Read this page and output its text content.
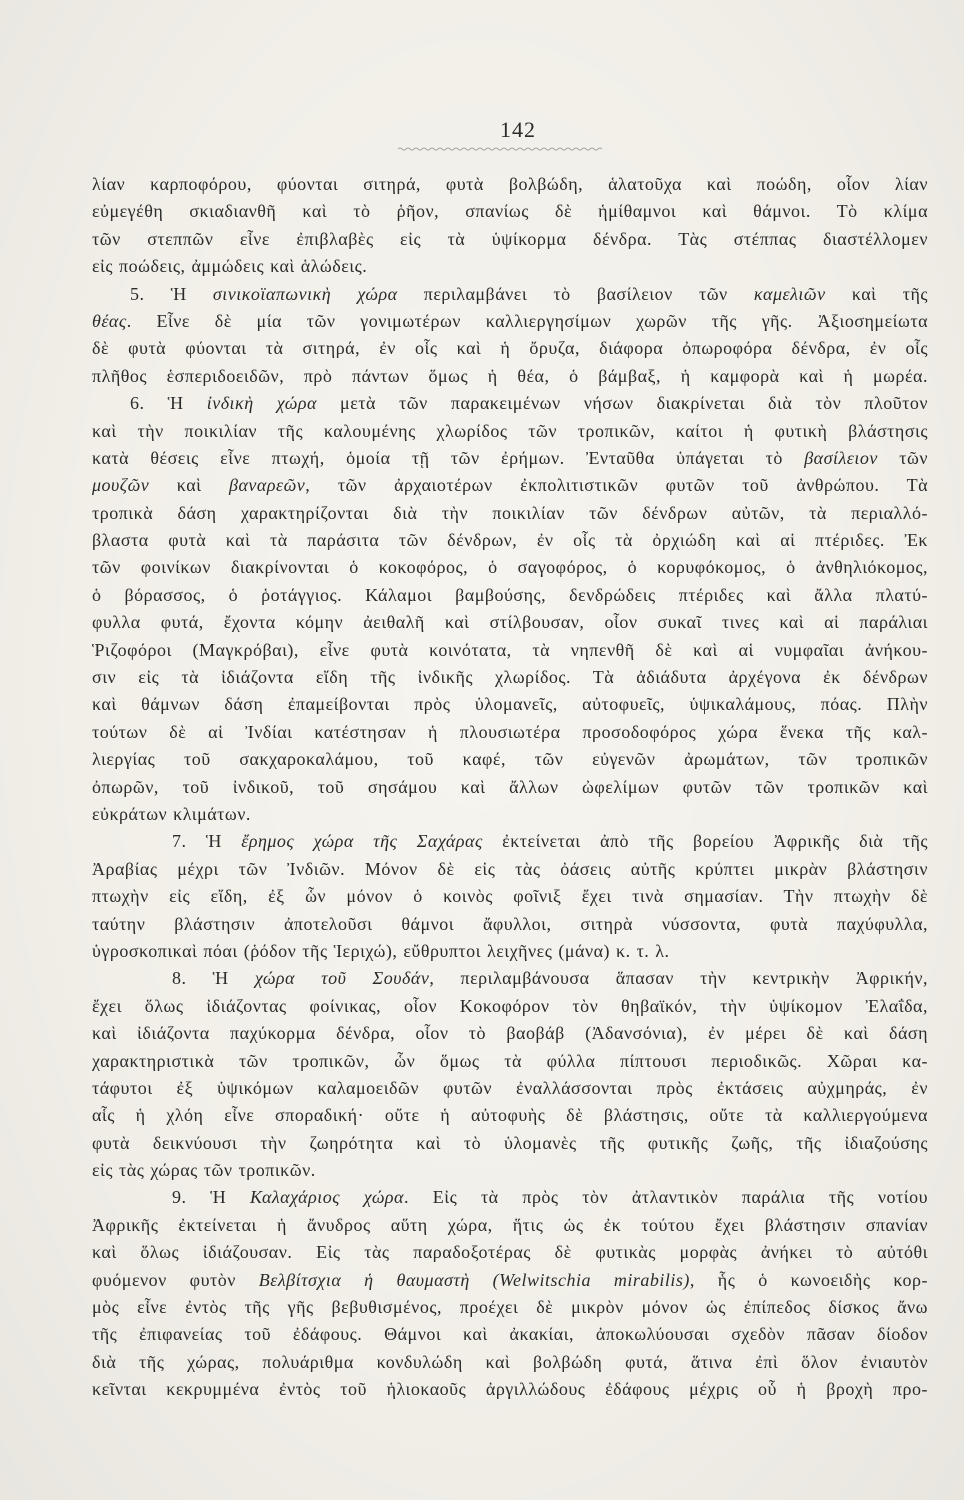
142
λίαν καρποφόρου, φύονται σιτηρά, φυτὰ βολβώδη, ἁλατοῦχα καὶ ποώδη, οἷον λίαν
εὐμεγέθη σκιαδιανθῆ καὶ τὸ ῥῆον, σπανίως δὲ ἡμίθαμνοι καὶ θάμνοι. Τὸ κλίμα
τῶν στεππῶν εἶνε ἐπιβλαβὲς εἰς τὰ ὑψίκορμα δένδρα. Τὰς στέππας διαστέλλομεν
εἰς ποώδεις, ἀμμώδεις καὶ ἁλώδεις.
5. Ἡ σινικοϊαπωνικὴ χώρα περιλαμβάνει τὸ βασίλειον τῶν καμελιῶν καὶ τῆς
θέας. Εἶνε δὲ μία τῶν γονιμωτέρων καλλιεργησίμων χωρῶν τῆς γῆς. Ἀξιοσημείωτα
δὲ φυτὰ φύονται τὰ σιτηρά, ἐν οἷς καὶ ἡ ὄρυζα, διάφορα ὀπωροφόρα δένδρα, ἐν οἷς
πλῆθος ἑσπεριδοειδῶν, πρὸ πάντων ὅμως ἡ θέα, ὁ βάμβαξ, ἡ καμφορὰ καὶ ἡ μωρέα.
6. Ἡ ἰνδικὴ χώρα μετὰ τῶν παρακειμένων νήσων διακρίνεται διὰ τὸν πλοῦτον
καὶ τὴν ποικιλίαν τῆς καλουμένης χλωρίδος τῶν τροπικῶν, καίτοι ἡ φυτικὴ βλάστησις
κατὰ θέσεις εἶνε πτωχή, ὁμοία τῇ τῶν ἐρήμων. Ἐνταῦθα ὑπάγεται τὸ βασίλειον τῶν
μουζῶν καὶ βαναρεῶν, τῶν ἀρχαιοτέρων ἐκπολιτιστικῶν φυτῶν τοῦ ἀνθρώπου. Τὰ
τροπικὰ δάση χαρακτηρίζονται διὰ τὴν ποικιλίαν τῶν δένδρων αὐτῶν, τὰ περιαλλό-
βλαστα φυτὰ καὶ τὰ παράσιτα τῶν δένδρων, ἐν οἷς τὰ ὀρχιώδη καὶ αἱ πτέριδες. Ἐκ
τῶν φοινίκων διακρίνονται ὁ κοκοφόρος, ὁ σαγοφόρος, ὁ κορυφόκομος, ὁ ἀνθηλιόκομος,
ὁ βόρασσος, ὁ ῥοτάγγιος. Κάλαμοι βαμβούσης, δενδρώδεις πτέριδες καὶ ἄλλα πλατύ-
φυλλα φυτά, ἔχοντα κόμην ἀειθαλῆ καὶ στίλβουσαν, οἷον συκαῖ τινες καὶ αἱ παράλιαι
Ῥιζοφόροι (Μαγκρόβαι), εἶνε φυτὰ κοινότατα, τὰ νηπενθῆ δὲ καὶ αἱ νυμφαῖαι ἀνήκου-
σιν εἰς τὰ ἰδιάζοντα εἴδη τῆς ἰνδικῆς χλωρίδος. Τὰ ἀδιάδυτα ἀρχέγονα ἐκ δένδρων
καὶ θάμνων δάση ἐπαμείβονται πρὸς ὑλομανεῖς, αὐτοφυεῖς, ὑψικαλάμους, πόας. Πλὴν
τούτων δὲ αἱ Ἰνδίαι κατέστησαν ἡ πλουσιωτέρα προσοδοφόρος χώρα ἕνεκα τῆς καλ-
λιεργίας τοῦ σακχαροκαλάμου, τοῦ καφέ, τῶν εὐγενῶν ἀρωμάτων, τῶν τροπικῶν
ὀπωρῶν, τοῦ ἰνδικοῦ, τοῦ σησάμου καὶ ἄλλων ὠφελίμων φυτῶν τῶν τροπικῶν καὶ
εὐκράτων κλιμάτων.
7. Ἡ ἔρημος χώρα τῆς Σαχάρας ἐκτείνεται ἀπὸ τῆς βορείου Ἀφρικῆς διὰ τῆς
Ἀραβίας μέχρι τῶν Ἰνδιῶν. Μόνον δὲ εἰς τὰς ὀάσεις αὐτῆς κρύπτει μικρὰν βλάστησιν
πτωχὴν εἰς εἴδη, ἐξ ὧν μόνον ὁ κοινὸς φοῖνιξ ἔχει τινὰ σημασίαν. Τὴν πτωχὴν δὲ
ταύτην βλάστησιν ἀποτελοῦσι θάμνοι ἄφυλλοι, σιτηρὰ νύσσοντα, φυτὰ παχύφυλλα,
ὑγροσκοπικαὶ πόαι (ῥόδον τῆς Ἱεριχώ), εὔθρυπτοι λειχῆνες (μάνα) κ. τ. λ.
8. Ἡ χώρα τοῦ Σουδάν, περιλαμβάνουσα ἅπασαν τὴν κεντρικὴν Ἀφρικήν,
ἔχει ὅλως ἰδιάζοντας φοίνικας, οἷον Κοκοφόρον τὸν θηβαϊκόν, τὴν ὑψίκομον Ἐλαΐδα,
καὶ ἰδιάζοντα παχύκορμα δένδρα, οἷον τὸ βαοβάβ (Ἀδανσόνια), ἐν μέρει δὲ καὶ δάση
χαρακτηριστικὰ τῶν τροπικῶν, ὧν ὅμως τὰ φύλλα πίπτουσι περιοδικῶς. Χῶραι κα-
τάφυτοι ἐξ ὑψικόμων καλαμοειδῶν φυτῶν ἐναλλάσσονται πρὸς ἐκτάσεις αὐχμηράς, ἐν
αἷς ἡ χλόη εἶνε σποραδική· οὔτε ἡ αὐτοφυὴς δὲ βλάστησις, οὔτε τὰ καλλιεργούμενα
φυτὰ δεικνύουσι τὴν ζωηρότητα καὶ τὸ ὑλομανὲς τῆς φυτικῆς ζωῆς, τῆς ἰδιαζούσης
εἰς τὰς χώρας τῶν τροπικῶν.
9. Ἡ Καλαχάριος χώρα. Εἰς τὰ πρὸς τὸν ἀτλαντικὸν παράλια τῆς νοτίου
Ἀφρικῆς ἐκτείνεται ἡ ἄνυδρος αὕτη χώρα, ἥτις ὡς ἐκ τούτου ἔχει βλάστησιν σπανίαν
καὶ ὅλως ἰδιάζουσαν. Εἰς τὰς παραδοξοτέρας δὲ φυτικὰς μορφὰς ἀνήκει τὸ αὐτόθι
φυόμενον φυτὸν Βελβίτσχια ἡ θαυμαστὴ (Welwitschia mirabilis), ἧς ὁ κωνοειδὴς κορ-
μὸς εἶνε ἐντὸς τῆς γῆς βεβυθισμένος, προέχει δὲ μικρὸν μόνον ὡς ἐπίπεδος δίσκος ἄνω
τῆς ἐπιφανείας τοῦ ἐδάφους. Θάμνοι καὶ ἀκακίαι, ἀποκωλύουσαι σχεδὸν πᾶσαν δίοδον
διὰ τῆς χώρας, πολυάριθμα κονδυλώδη καὶ βολβώδη φυτά, ἅτινα ἐπὶ ὅλον ἐνιαυτὸν
κεῖνται κεκρυμμένα ἐντὸς τοῦ ἡλιοκαοῦς ἀργιλλώδους ἐδάφους μέχρις οὗ ἡ βροχὴ προ-
